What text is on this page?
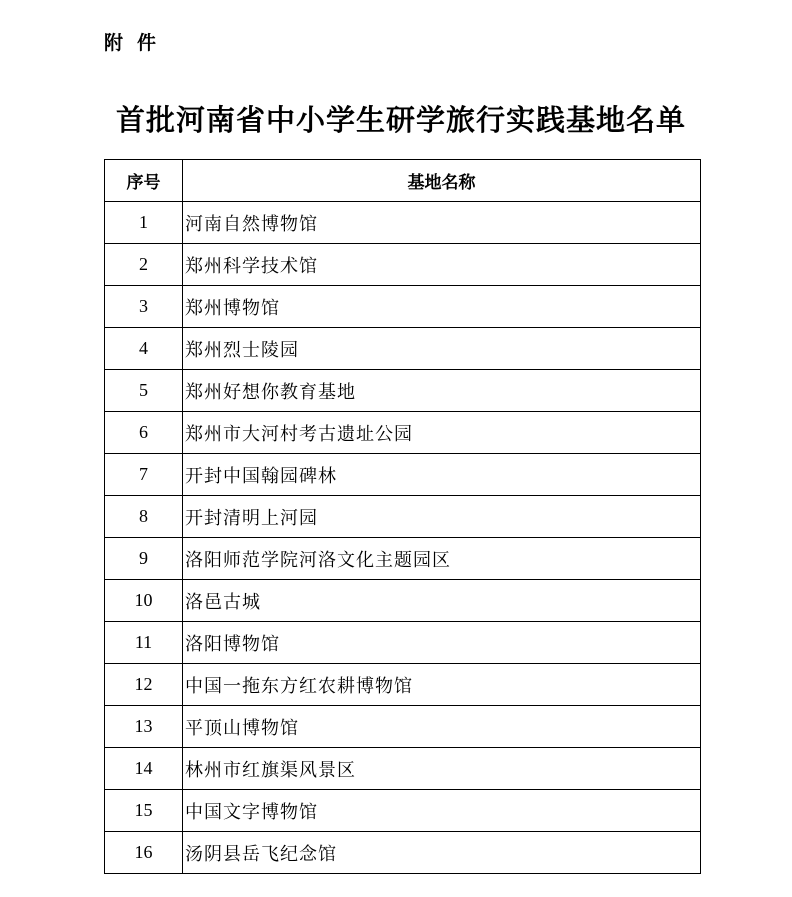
附件
首批河南省中小学生研学旅行实践基地名单
序号	基地名称
1	河南自然博物馆
2	郑州科学技术馆
3	郑州博物馆
4	郑州烈士陵园
5	郑州好想你教育基地
6	郑州市大河村考古遗址公园
7	开封中国翰园碑林
8	开封清明上河园
9	洛阳师范学院河洛文化主题园区
10	洛邑古城
11	洛阳博物馆
12	中国一拖东方红农耕博物馆
13	平顶山博物馆
14	林州市红旗渠风景区
15	中国文字博物馆
16	汤阴县岳飞纪念馆
